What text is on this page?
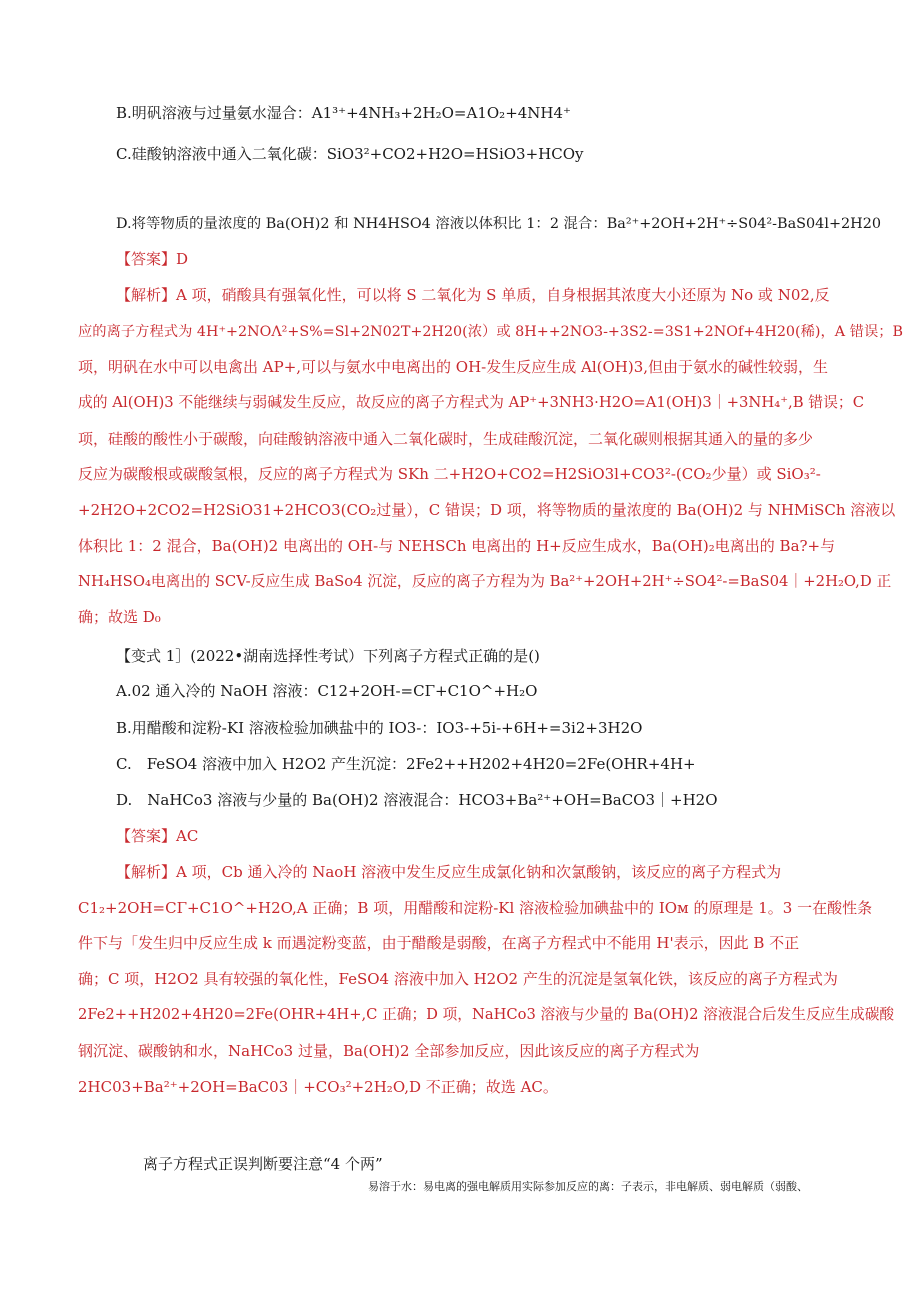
B.明矾溶液与过量氨水湿合：A1³⁺+4NH₃+2H₂O=A1O₂+4NH4⁺
C.硅酸钠溶液中通入二氧化碳：SiO3²+CO2+H2O=HSiO3+HCOy
D.将等物质的量浓度的 Ba(OH)2 和 NH4HSO4 溶液以体积比 1：2 混合：Ba²⁺+2OH+2H⁺÷S04²-BaS04l+2H20
【答案】D
【解析】A 项，硝酸具有强氧化性，可以将 S 二氧化为 S 单质，自身根据其浓度大小还原为 No 或 N02,反
应的离子方程式为 4H⁺+2NOΛ²+S%=Sl+2N02T+2H20(浓）或 8H++2NO3-+3S2-=3S1+2NOf+4H20(稀)，A 错误；B
项，明矾在水中可以电禽出 AP+,可以与氨水中电离出的 OH-发生反应生成 Al(OH)3,但由于氨水的碱性较弱，生
成的 Al(OH)3 不能继续与弱碱发生反应，故反应的离子方程式为 AP⁺+3NH3·H2O=A1(OH)3｜+3NH₄⁺,B 错误；C
项，硅酸的酸性小于碳酸，向硅酸钠溶液中通入二氧化碳时，生成硅酸沉淀，二氧化碳则根据其通入的量的多少
反应为碳酸根或碳酸氢根，反应的离子方程式为 SKh 二+H2O+CO2=H2SiO3l+CO3²-(CO₂少量）或 SiO₃²-
+2H2O+2CO2=H2SiO31+2HCO3(CO₂过量），C 错误；D 项，将等物质的量浓度的 Ba(OH)2 与 NHMiSCh 溶液以
体积比 1：2 混合，Ba(OH)2 电离出的 OH-与 NEHSCh 电离出的 H+反应生成水，Ba(OH)₂电离出的 Ba?+与
NH₄HSO₄电离出的 SCV-反应生成 BaSo4 沉淀，反应的离子方程为为 Ba²⁺+2OH+2H⁺÷SO4²-=BaS04｜+2H₂O,D 正
确；故选 D₀
【变式 1］(2022•湖南选择性考试）下列离子方程式正确的是()
A.02 通入冷的 NaOH 溶液：C12+2OH-=CΓ+C1O^+H₂O
B.用醋酸和淀粉-KI 溶液检验加碘盐中的 IO3-：IO3-+5i-+6H+=3i2+3H2O
C.　FeSO4 溶液中加入 H2O2 产生沉淀：2Fe2++H202+4H20=2Fe(OHR+4H+
D.　NaHCo3 溶液与少量的 Ba(OH)2 溶液混合：HCO3+Ba²⁺+OH=BaCO3｜+H2O
【答案】AC
【解析】A 项，Cb 通入冷的 NaoH 溶液中发生反应生成氯化钠和次氯酸钠，该反应的离子方程式为
C1₂+2OH=CΓ+C1O^+H2O,A 正确；B 项，用醋酸和淀粉-Kl 溶液检验加碘盐中的 IOм 的原理是 1。3 一在酸性条
件下与「发生归中反应生成 k 而遇淀粉变蓝，由于醋酸是弱酸，在离子方程式中不能用 H'表示，因此 B 不正
确；C 项，H2O2 具有较强的氧化性，FeSO4 溶液中加入 H2O2 产生的沉淀是氢氧化铁，该反应的离子方程式为
2Fe2++H202+4H20=2Fe(OHR+4H+,C 正确；D 项，NaHCo3 溶液与少量的 Ba(OH)2 溶液混合后发生反应生成碳酸
钢沉淀、碳酸钠和水，NaHCo3 过量，Ba(OH)2 全部参加反应，因此该反应的离子方程式为
2HC03+Ba²⁺+2OH=BaC03｜+CO₃²+2H₂O,D 不正确；故选 AC。
离子方程式正误判断要注意“4 个两”
易溶于水：易电离的强电解质用实际参加反应的离：子表示，非电解质、弱电解质（弱酸、
